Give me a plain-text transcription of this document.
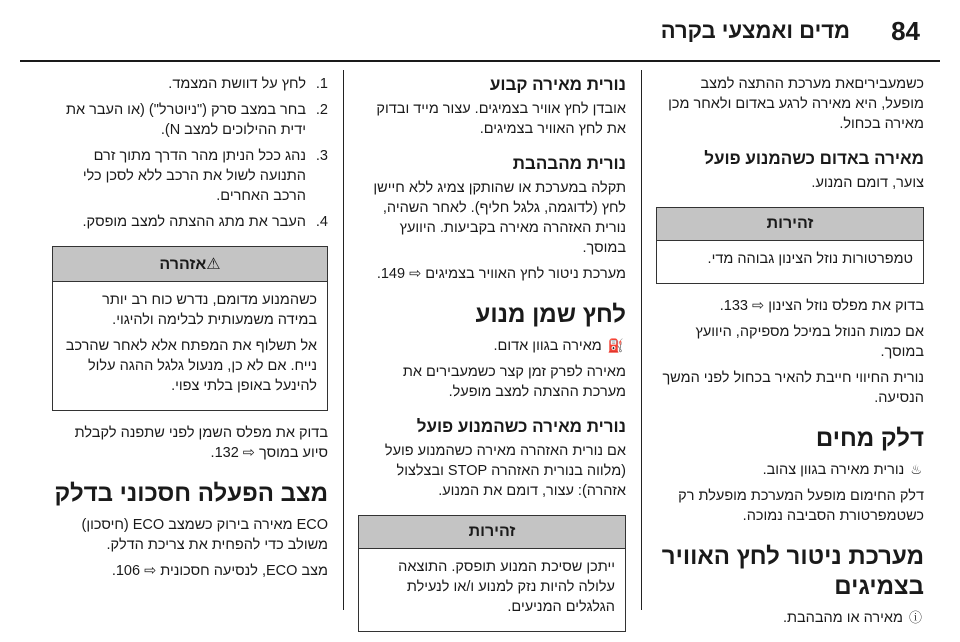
84
מדים ואמצעי בקרה

כשמעביריםאת מערכת ההתצה למצב מופעל, היא מאירה לרגע באדום ולאחר מכן מאירה בכחול.

מאירה באדום כשהמנוע פועל

צוער, דומם המנוע.

זהירות

טמפרטורות נוזל הצינון גבוהה מדי.

בדוק את מפלס נוזל הצינון ⇨ 133.

אם כמות הנוזל במיכל מספיקה, היוועץ במוסך.

נורית החיווי חייבת להאיר בכחול לפני המשך הנסיעה.

דלק מחים

♨ נורית מאירה בגוון צהוב.

דלק החימום מופעל המערכת מופעלת רק כשטמפרטורת הסביבה נמוכה.

מערכת ניטור לחץ האוויר בצמיגים

ⓘ מאירה או מהבהבת.

נורית מאירה קבוע

אובדן לחץ אוויר בצמיגים. עצור מייד ובדוק את לחץ האוויר בצמיגים.

נורית מהבהבת

תקלה במערכת או שהותקן צמיג ללא חיישן לחץ (לדוגמה, גלגל חליף). לאחר השהיה, נורית האזהרה מאירה בקביעות. היוועץ במוסך.

מערכת ניטור לחץ האוויר בצמיגים ⇨ 149.

לחץ שמן מנוע

⛽ מאירה בגוון אדום.

מאירה לפרק זמן קצר כשמעבירים את מערכת ההצתה למצב מופעל.

נורית מאירה כשהמנוע פועל

אם נורית האזהרה מאירה כשהמנוע פועל (מלווה בנורית האזהרה STOP ובצלצול אזהרה): עצור, דומם את המנוע.

זהירות

ייתכן שסיכת המנוע תופסק. התוצאה עלולה להיות נזק למנוע ו/או לנעילת הגלגלים המניעים.

1.
לחץ על דוושת המצמד.
2.
בחר במצב סרק ("ניוטרל") (או העבר את ידית ההילוכים למצב N).
3.
נהג ככל הניתן מהר הדרך מתוך זרם התנועה לשול את הרכב ללא לסכן כלי הרכב האחרים.
4.
העבר את מתג ההצתה למצב מופסק.
⚠אזהרה

כשהמנוע מדומם, נדרש כוח רב יותר במידה משמעותית לבלימה ולהיגוי.

אל תשלוף את המפתח אלא לאחר שהרכב נייח. אם לא כן, מנעול גלגל ההגה עלול להינעל באופן בלתי צפוי.

בדוק את מפלס השמן לפני שתפנה לקבלת סיוע במוסך ⇨ 132.

מצב הפעלה חסכוני בדלק

ECO מאירה בירוק כשמצב ECO (חיסכון) משולב כדי להפחית את צריכת הדלק.

מצב ECO, לנסיעה חסכונית ⇨ 106.
